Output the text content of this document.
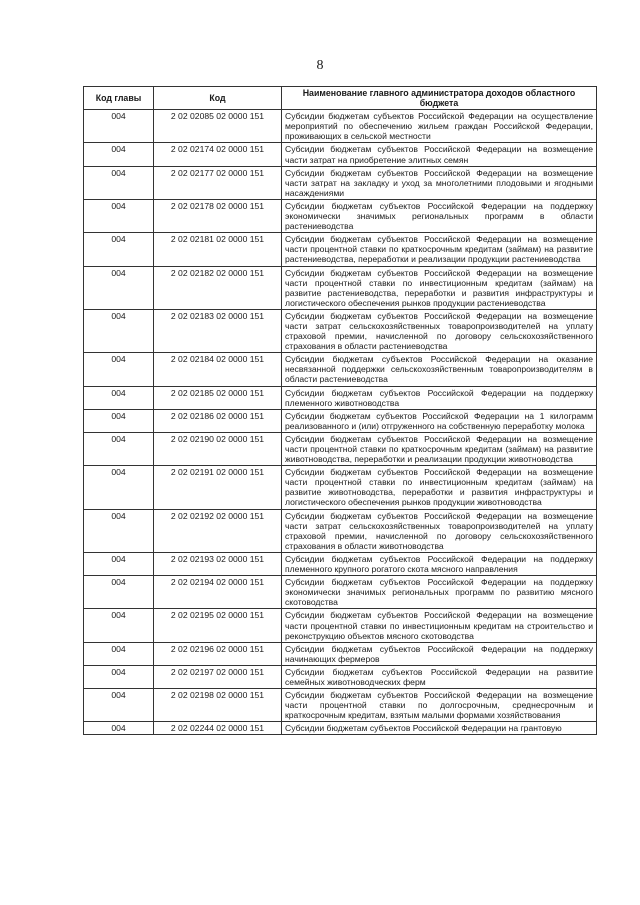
8
Код главы	Код	Наименование главного администратора доходов областного бюджета
004	2 02 02085 02 0000 151	Субсидии бюджетам субъектов Российской Федерации на осуществление мероприятий по обеспечению жильем граждан Российской Федерации, проживающих в сельской местности
004	2 02 02174 02 0000 151	Субсидии бюджетам субъектов Российской Федерации на возмещение части затрат на приобретение элитных семян
004	2 02 02177 02 0000 151	Субсидии бюджетам субъектов Российской Федерации на возмещение части затрат на закладку и уход за многолетними плодовыми и ягодными насаждениями
004	2 02 02178 02 0000 151	Субсидии бюджетам субъектов Российской Федерации на поддержку экономически значимых региональных программ в области растениеводства
004	2 02 02181 02 0000 151	Субсидии бюджетам субъектов Российской Федерации на возмещение части процентной ставки по краткосрочным кредитам (займам) на развитие растениеводства, переработки и реализации продукции растениеводства
004	2 02 02182 02 0000 151	Субсидии бюджетам субъектов Российской Федерации на возмещение части процентной ставки по инвестиционным кредитам (займам) на развитие растениеводства, переработки и развития инфраструктуры и логистического обеспечения рынков продукции растениеводства
004	2 02 02183 02 0000 151	Субсидии бюджетам субъектов Российской Федерации на возмещение части затрат сельскохозяйственных товаропроизводителей на уплату страховой премии, начисленной по договору сельскохозяйственного страхования в области растениеводства
004	2 02 02184 02 0000 151	Субсидии бюджетам субъектов Российской Федерации на оказание несвязанной поддержки сельскохозяйственным товаропроизводителям в области растениеводства
004	2 02 02185 02 0000 151	Субсидии бюджетам субъектов Российской Федерации на поддержку племенного животноводства
004	2 02 02186 02 0000 151	Субсидии бюджетам субъектов Российской Федерации на 1 килограмм реализованного и (или) отгруженного на собственную переработку молока
004	2 02 02190 02 0000 151	Субсидии бюджетам субъектов Российской Федерации на возмещение части процентной ставки по краткосрочным кредитам (займам) на развитие животноводства, переработки и реализации продукции животноводства
004	2 02 02191 02 0000 151	Субсидии бюджетам субъектов Российской Федерации на возмещение части процентной ставки по инвестиционным кредитам (займам) на развитие животноводства, переработки и развития инфраструктуры и логистического обеспечения рынков продукции животноводства
004	2 02 02192 02 0000 151	Субсидии бюджетам субъектов Российской Федерации на возмещение части затрат сельскохозяйственных товаропроизводителей на уплату страховой премии, начисленной по договору сельскохозяйственного страхования в области животноводства
004	2 02 02193 02 0000 151	Субсидии бюджетам субъектов Российской Федерации на поддержку племенного крупного рогатого скота мясного направления
004	2 02 02194 02 0000 151	Субсидии бюджетам субъектов Российской Федерации на поддержку экономически значимых региональных программ по развитию мясного скотоводства
004	2 02 02195 02 0000 151	Субсидии бюджетам субъектов Российской Федерации на возмещение части процентной ставки по инвестиционным кредитам на строительство и реконструкцию объектов мясного скотоводства
004	2 02 02196 02 0000 151	Субсидии бюджетам субъектов Российской Федерации на поддержку начинающих фермеров
004	2 02 02197 02 0000 151	Субсидии бюджетам субъектов Российской Федерации на развитие семейных животноводческих ферм
004	2 02 02198 02 0000 151	Субсидии бюджетам субъектов Российской Федерации на возмещение части процентной ставки по долгосрочным, среднесрочным и краткосрочным кредитам, взятым малыми формами хозяйствования
004	2 02 02244 02 0000 151	Субсидии бюджетам субъектов Российской Федерации на грантовую
